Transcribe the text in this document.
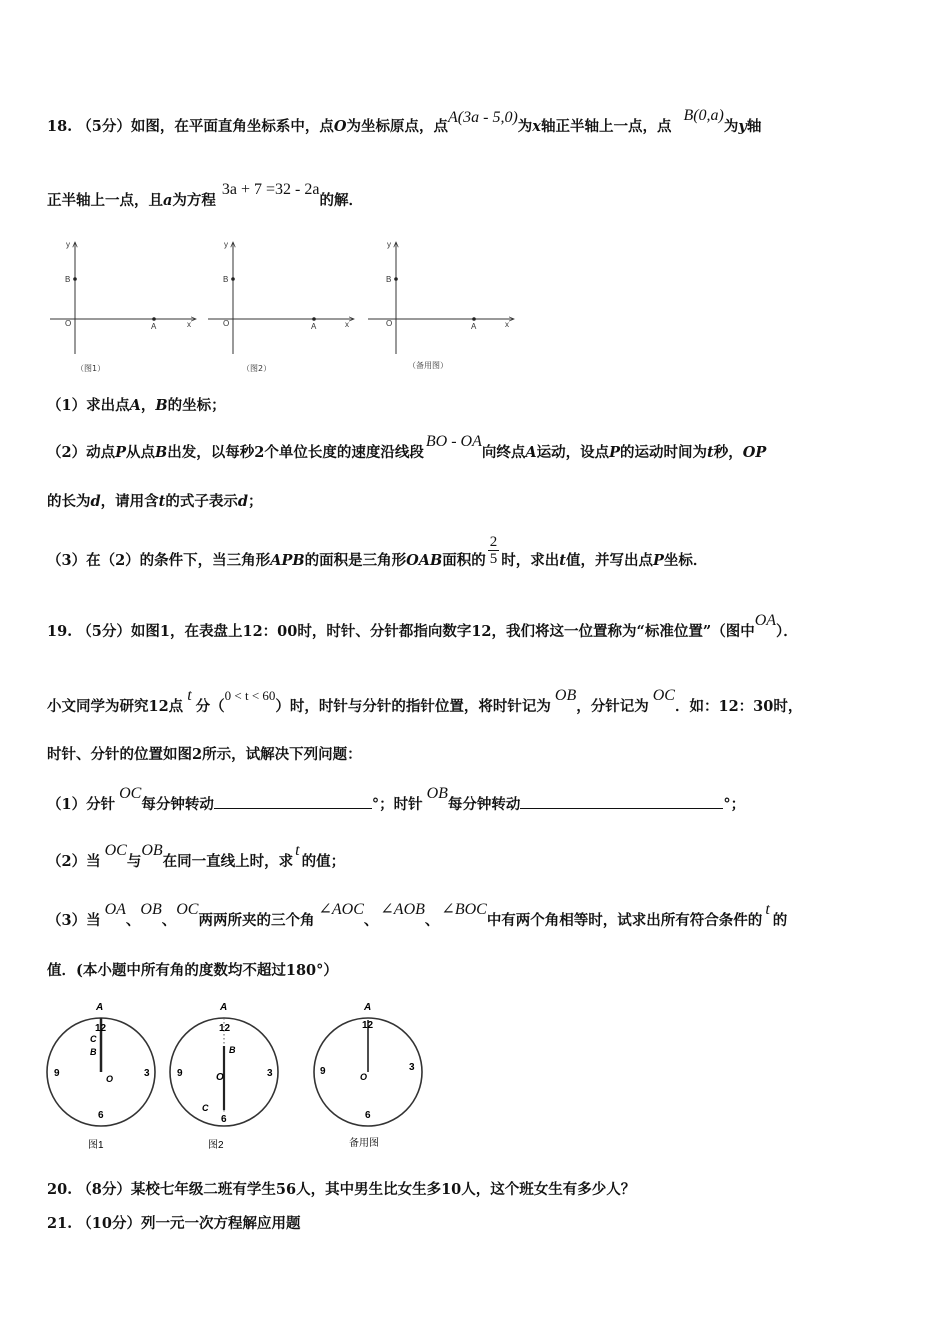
18. （5分）如图，在平面直角坐标系中，点O为坐标原点，点A(3a - 5,0)为x轴正半轴上一点，点B(0,a)为y轴
正半轴上一点，且a为方程3a + 7 =32 - 2a的解．
y
B
O	A	x
（图1）
y
B
O	A	x
（图2）
y
B
O	A	x
（备用图）
（1）求出点A，B的坐标；
（2）动点P从点B出发，以每秒2个单位长度的速度沿线段BO - OA向终点A运动，设点P的运动时间为t秒，OP
的长为d，请用含t的式子表示d；
（3）在（2）的条件下，当三角形APB的面积是三角形OAB面积的 $\frac{2}{5}$ 时，求出t值，并写出点P坐标．
19. （5分）如图1，在表盘上12：00时，时针、分针都指向数字12，我们将这一位置称为“标准位置”（图中OA）．
小文同学为研究12点t分（0 < t < 60）时，时针与分针的指针位置，将时针记为OB，分针记为OC．如：12：30时，
时针、分针的位置如图2所示，试解决下列问题：
（1）分针OC每分钟转动	°；时针OB每分钟转动	°；
（2）当OC与OB在同一直线上时，求t的值；
（3）当OA、OB、OC两两所夹的三个角∠AOC、∠AOB、∠BOC中有两个角相等时，试求出所有符合条件的t的
值．(本小题中所有角的度数均不超过180°）
A
12
3
6
9
C
B
O
图1
A
12
3
6
9
B
O
C
图2
A
12
3
6
9	O
备用图
20. （8分）某校七年级二班有学生56人，其中男生比女生多10人，这个班女生有多少人？
21. （10分）列一元一次方程解应用题
